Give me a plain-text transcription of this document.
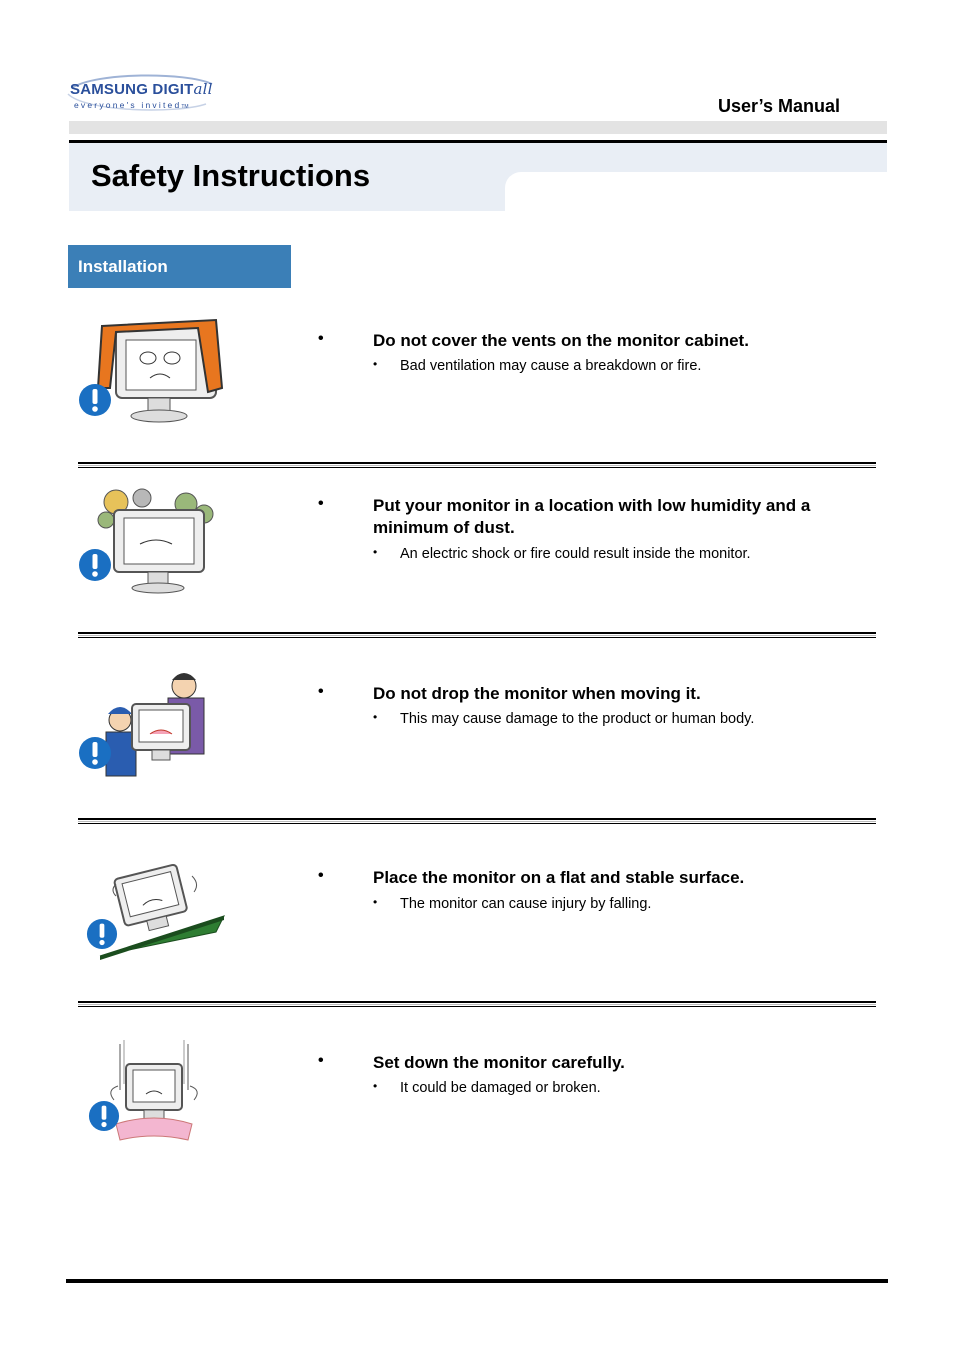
SAMSUNG DIGITall
everyone's invitedTM	User’s Manual
Safety Instructions
Installation
•	Do not cover the vents on the monitor cabinet.
• Bad ventilation may cause a breakdown or fire.
•	Put your monitor in a location with low humidity and a minimum of dust.
• An electric shock or fire could result inside the monitor.
•	Do not drop the monitor when moving it.
• This may cause damage to the product or human body.
•	Place the monitor on a flat and stable surface.
• The monitor can cause injury by falling.
•	Set down the monitor carefully.
• It could be damaged or broken.
